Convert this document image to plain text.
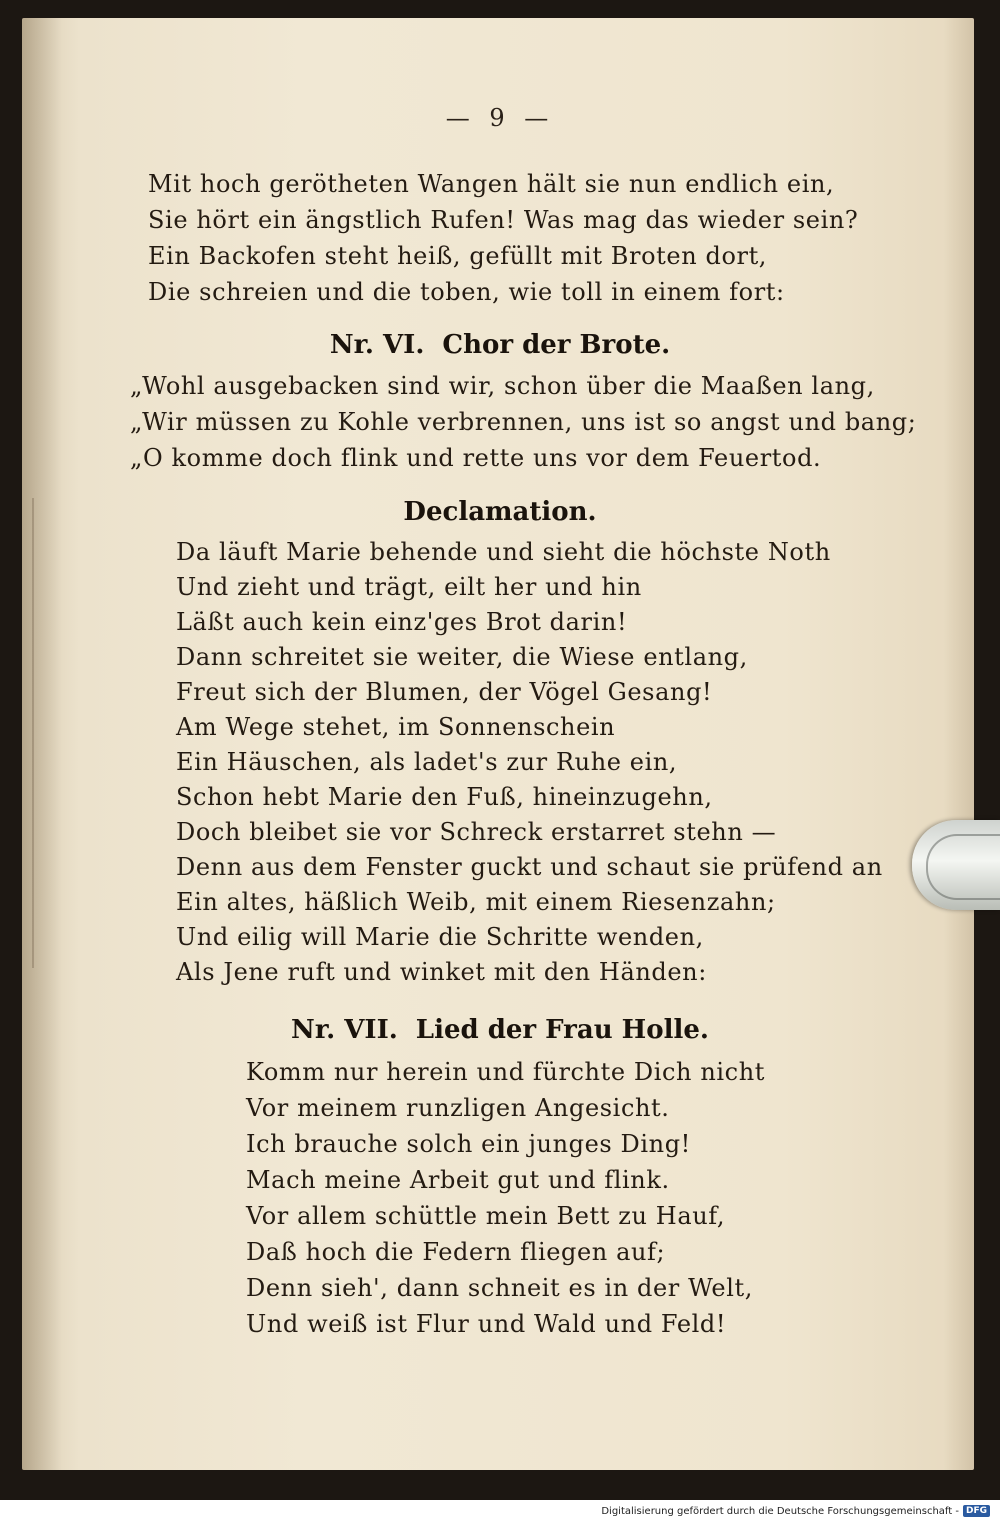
— 9 —
Mit hoch gerötheten Wangen hält sie nun endlich ein,
Sie hört ein ängstlich Rufen! Was mag das wieder sein?
Ein Backofen steht heiß, gefüllt mit Broten dort,
Die schreien und die toben, wie toll in einem fort:
Nr. VI. Chor der Brote.
„Wohl ausgebacken sind wir, schon über die Maaßen lang,
„Wir müssen zu Kohle verbrennen, uns ist so angst und bang;
„O komme doch flink und rette uns vor dem Feuertod.
Declamation.
Da läuft Marie behende und sieht die höchste Noth
Und zieht und trägt, eilt her und hin
Läßt auch kein einz'ges Brot darin!
Dann schreitet sie weiter, die Wiese entlang,
Freut sich der Blumen, der Vögel Gesang!
Am Wege stehet, im Sonnenschein
Ein Häuschen, als ladet's zur Ruhe ein,
Schon hebt Marie den Fuß, hineinzugehn,
Doch bleibet sie vor Schreck erstarret stehn —
Denn aus dem Fenster guckt und schaut sie prüfend an
Ein altes, häßlich Weib, mit einem Riesenzahn;
Und eilig will Marie die Schritte wenden,
Als Jene ruft und winket mit den Händen:
Nr. VII. Lied der Frau Holle.
Komm nur herein und fürchte Dich nicht
Vor meinem runzligen Angesicht.
Ich brauche solch ein junges Ding!
Mach meine Arbeit gut und flink.
Vor allem schüttle mein Bett zu Hauf,
Daß hoch die Federn fliegen auf;
Denn sieh', dann schneit es in der Welt,
Und weiß ist Flur und Wald und Feld!
Digitalisierung gefördert durch die Deutsche Forschungsgemeinschaft - DFG
